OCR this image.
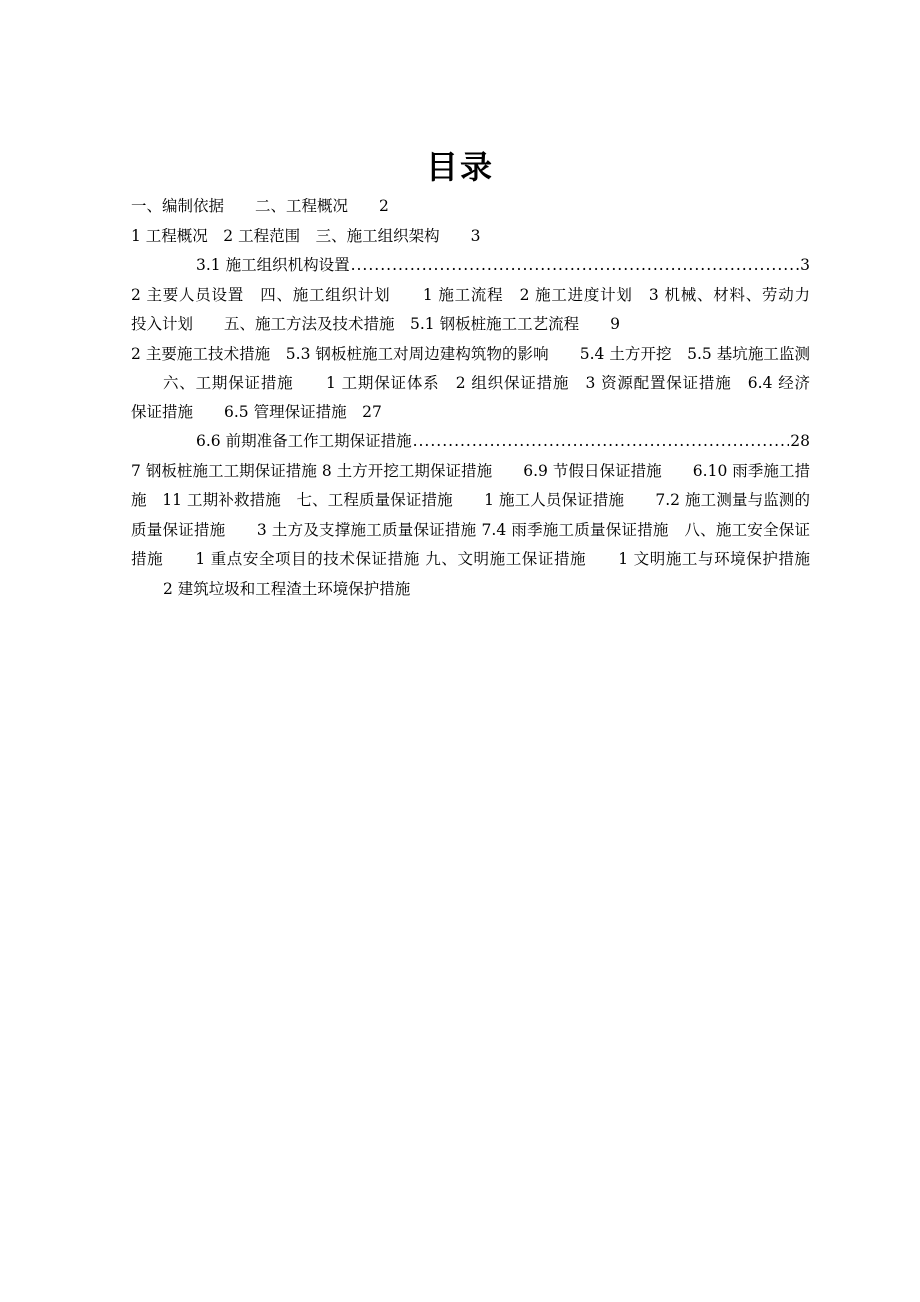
目录
一、编制依据　　二、工程概况　　2
1 工程概况　2 工程范围　三、施工组织架构　　3
3.1 施工组织机构设置 .....	3
2 主要人员设置　四、施工组织计划　　1 施工流程　2 施工进度计划　3 机械、材料、劳动力
投入计划　　五、施工方法及技术措施　5.1 钢板桩施工工艺流程　　9
2 主要施工技术措施　5.3 钢板桩施工对周边建构筑物的影响　　5.4 土方开挖　5.5 基坑施工监测
六、工期保证措施　　1 工期保证体系　2 组织保证措施　3 资源配置保证措施　6.4 经济
保证措施　　6.5 管理保证措施　27
6.6 前期准备工作工期保证措施 .....	28
7 钢板桩施工工期保证措施 8 土方开挖工期保证措施　　6.9 节假日保证措施　　6.10 雨季施工措
施　11 工期补救措施　七、工程质量保证措施　　1 施工人员保证措施　　7.2 施工测量与监测的
质量保证措施　　3 土方及支撑施工质量保证措施 7.4 雨季施工质量保证措施　八、施工安全保证
措施　　1 重点安全项目的技术保证措施 九、文明施工保证措施　　1 文明施工与环境保护措施
2 建筑垃圾和工程渣土环境保护措施
